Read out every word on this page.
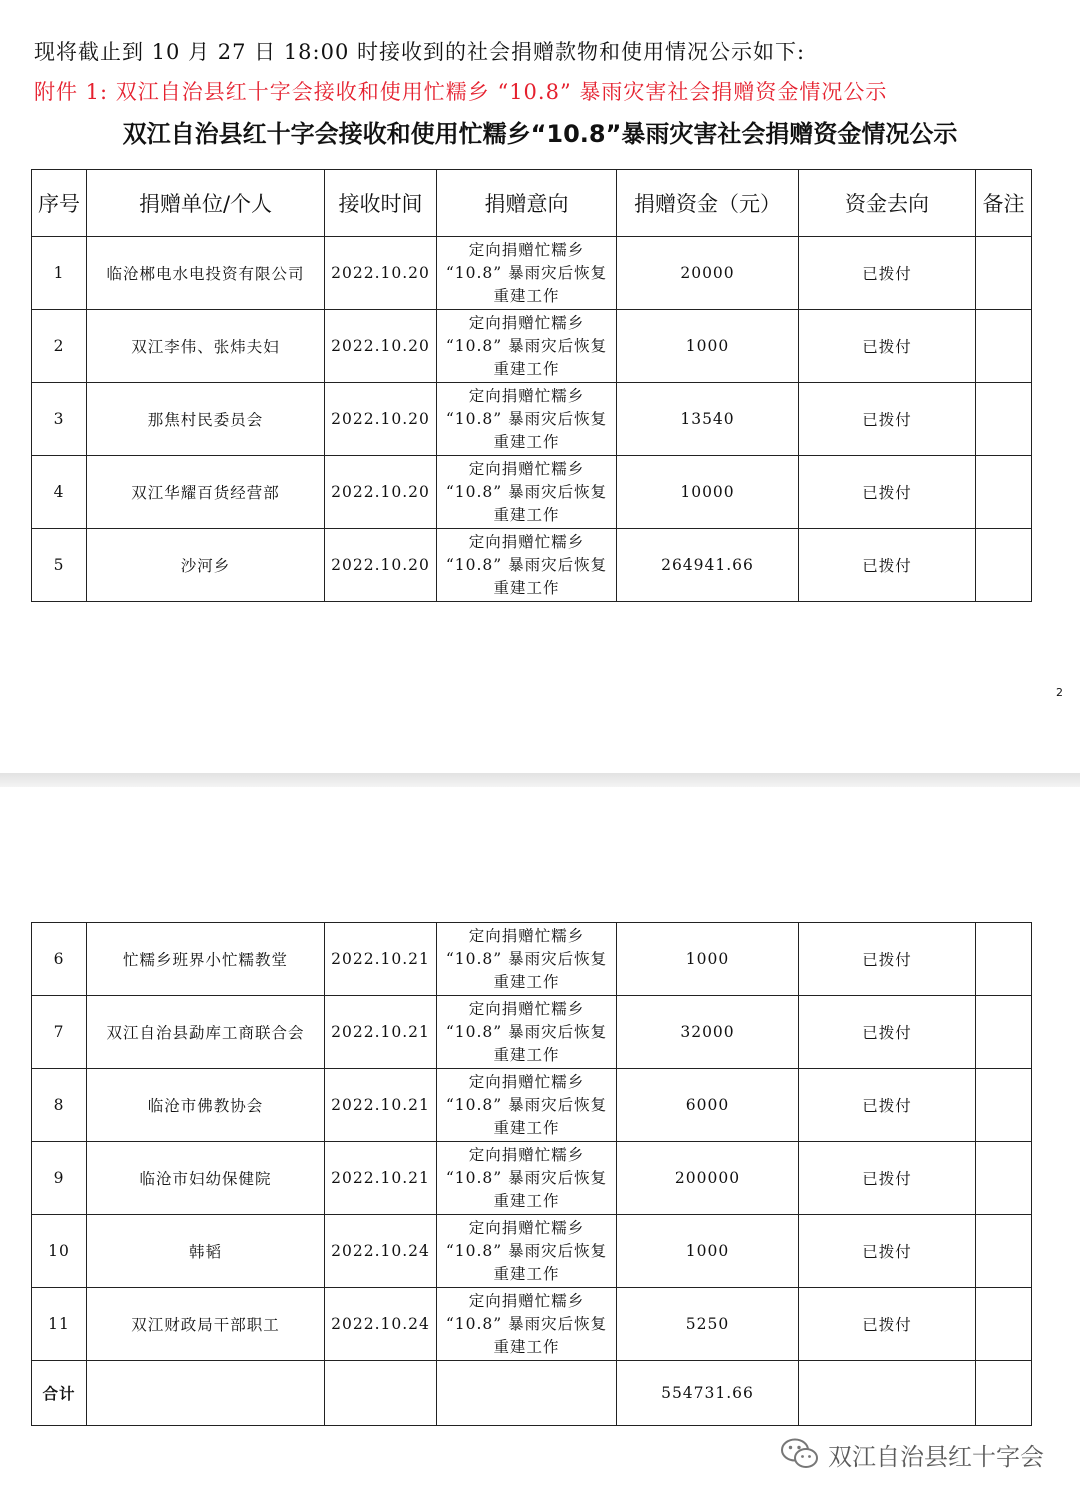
现将截止到 10 月 27 日 18:00 时接收到的社会捐赠款物和使用情况公示如下:
附件 1: 双江自治县红十字会接收和使用忙糯乡 “10.8” 暴雨灾害社会捐赠资金情况公示
双江自治县红十字会接收和使用忙糯乡“10.8”暴雨灾害社会捐赠资金情况公示
序号	捐赠单位/个人	接收时间	捐赠意向	捐赠资金（元）	资金去向	备注
1	临沧郴电水电投资有限公司	2022.10.20	定向捐赠忙糯乡
“10.8” 暴雨灾后恢复
重建工作	20000	已拨付	
2	双江李伟、张炜夫妇	2022.10.20	定向捐赠忙糯乡
“10.8” 暴雨灾后恢复
重建工作	1000	已拨付	
3	那焦村民委员会	2022.10.20	定向捐赠忙糯乡
“10.8” 暴雨灾后恢复
重建工作	13540	已拨付	
4	双江华耀百货经营部	2022.10.20	定向捐赠忙糯乡
“10.8” 暴雨灾后恢复
重建工作	10000	已拨付	
5	沙河乡	2022.10.20	定向捐赠忙糯乡
“10.8” 暴雨灾后恢复
重建工作	264941.66	已拨付	
2
6	忙糯乡班界小忙糯教堂	2022.10.21	定向捐赠忙糯乡
“10.8” 暴雨灾后恢复
重建工作	1000	已拨付	
7	双江自治县勐库工商联合会	2022.10.21	定向捐赠忙糯乡
“10.8” 暴雨灾后恢复
重建工作	32000	已拨付	
8	临沧市佛教协会	2022.10.21	定向捐赠忙糯乡
“10.8” 暴雨灾后恢复
重建工作	6000	已拨付	
9	临沧市妇幼保健院	2022.10.21	定向捐赠忙糯乡
“10.8” 暴雨灾后恢复
重建工作	200000	已拨付	
10	韩韬	2022.10.24	定向捐赠忙糯乡
“10.8” 暴雨灾后恢复
重建工作	1000	已拨付	
11	双江财政局干部职工	2022.10.24	定向捐赠忙糯乡
“10.8” 暴雨灾后恢复
重建工作	5250	已拨付	
合计				554731.66		
双江自治县红十字会
